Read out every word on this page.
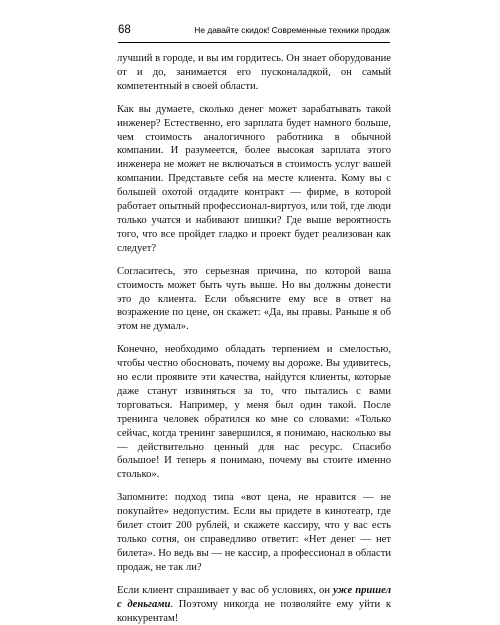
68	Не давайте скидок! Современные техники продаж

лучший в городе, и вы им гордитесь. Он знает оборудование от и до, занимается его пусконаладкой, он самый компетентный в своей области.

Как вы думаете, сколько денег может зарабатывать такой инженер? Естественно, его зарплата будет намного больше, чем стоимость аналогичного работника в обычной компании. И разумеется, более высокая зарплата этого инженера не может не включаться в стоимость услуг вашей компании. Представьте себя на месте клиента. Кому вы с большей охотой отдадите контракт — фирме, в которой работает опытный профессионал-виртуоз, или той, где люди только учатся и набивают шишки? Где выше вероятность того, что все пройдет гладко и проект будет реализован как следует?

Согласитесь, это серьезная причина, по которой ваша стоимость может быть чуть выше. Но вы должны донести это до клиента. Если объясните ему все в ответ на возражение по цене, он скажет: «Да, вы правы. Раньше я об этом не думал».

Конечно, необходимо обладать терпением и смелостью, чтобы честно обосновать, почему вы дороже. Вы удивитесь, но если проявите эти качества, найдутся клиенты, которые даже станут извиняться за то, что пытались с вами торговаться. Например, у меня был один такой. После тренинга человек обратился ко мне со словами: «Только сейчас, когда тренинг завершился, я понимаю, насколько вы — действительно ценный для нас ресурс. Спасибо большое! И теперь я понимаю, почему вы стоите именно столько».

Запомните: подход типа «вот цена, не нравится — не покупайте» недопустим. Если вы придете в кинотеатр, где билет стоит 200 рублей, и скажете кассиру, что у вас есть только сотня, он справедливо ответит: «Нет денег — нет билета». Но ведь вы — не кассир, а профессионал в области продаж, не так ли?

Если клиент спрашивает у вас об условиях, он уже пришел с деньгами. Поэтому никогда не позволяйте ему уйти к конкурентам!
